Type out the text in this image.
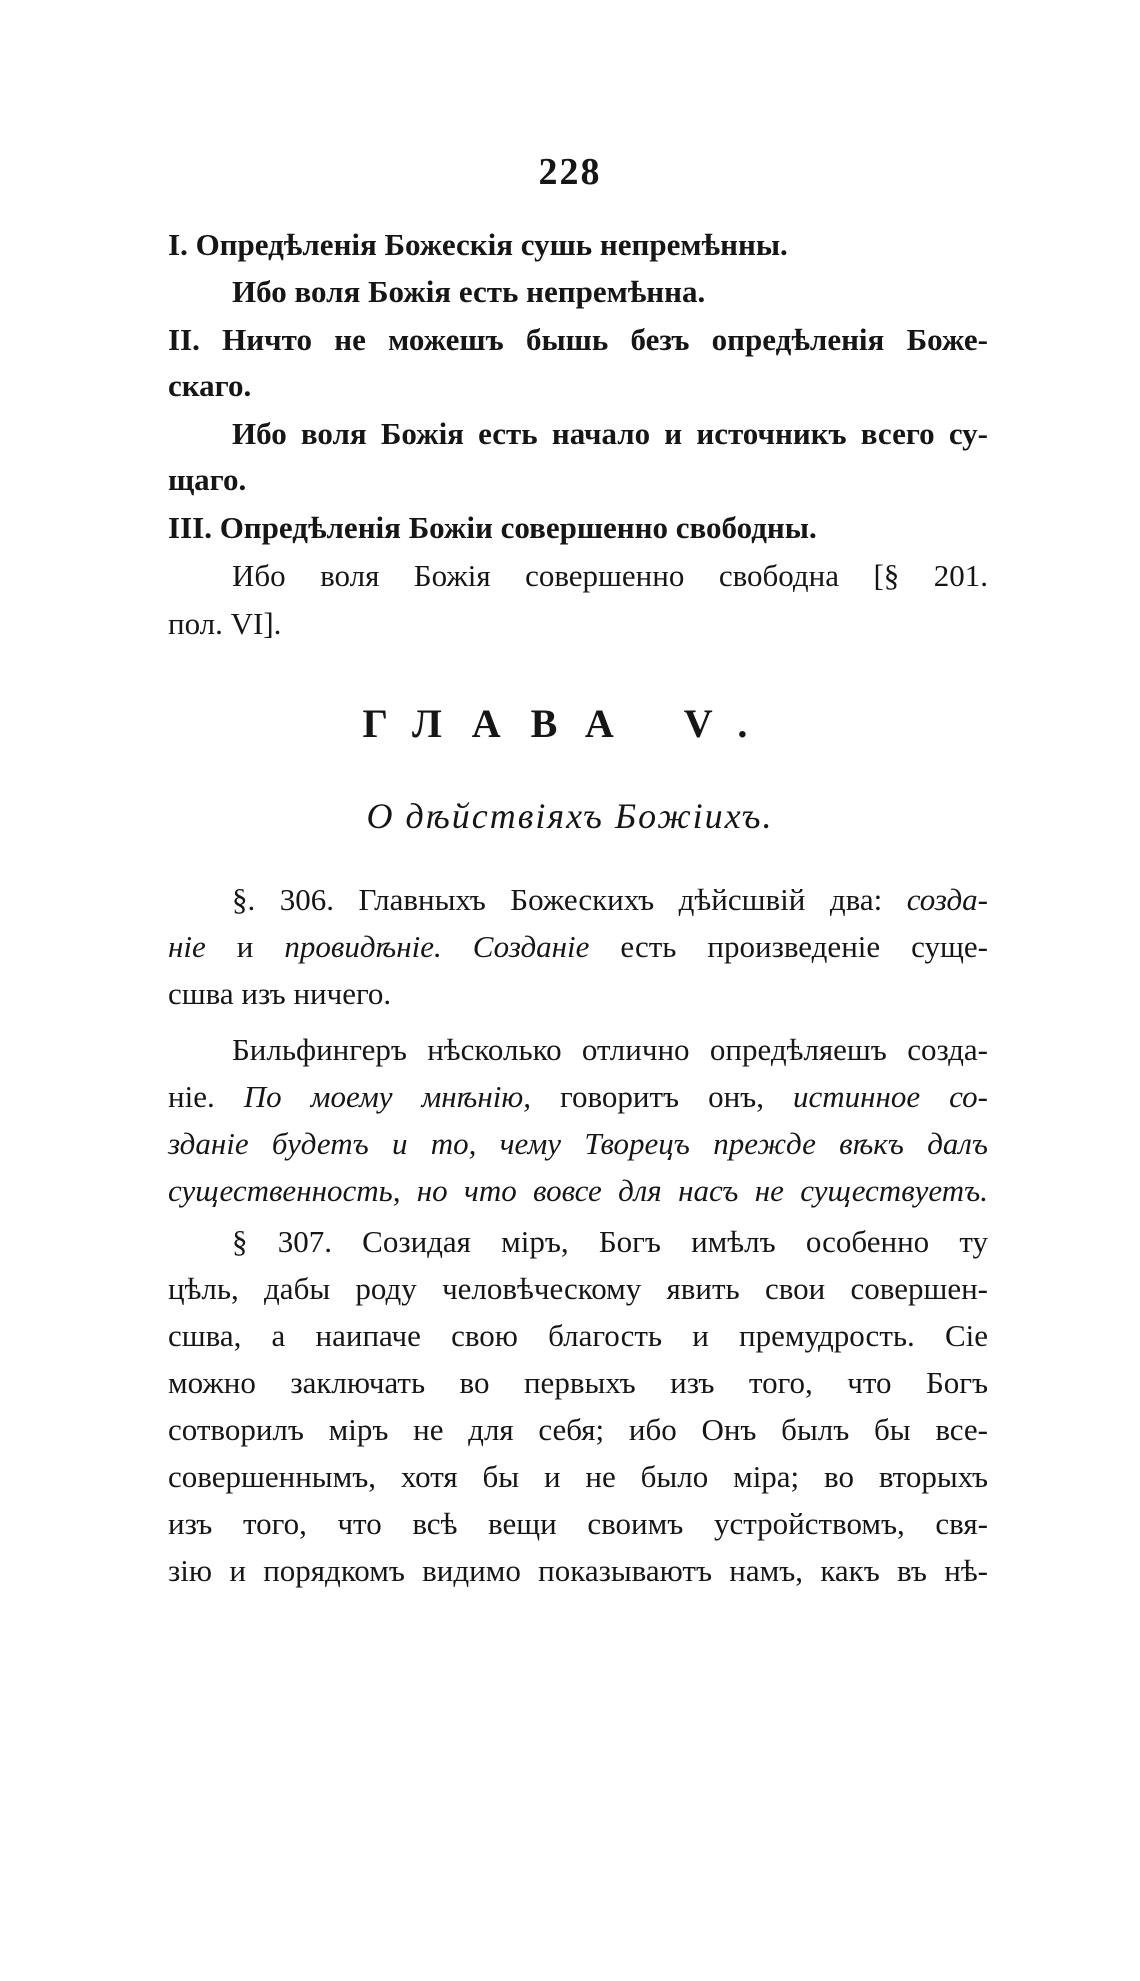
228
I. Опредѣленія Божескія сушь непремѣнны.
Ибо воля Божія есть непремѣнна.
II. Ничто не можешъ бышь безъ опредѣленія Боже-
скаго.
Ибо воля Божія есть начало и источникъ всего су-
щаго.
III. Опредѣленія Божіи совершенно свободны.
Ибо воля Божія совершенно свободна [§ 201.
пол. VI].
ГЛАВА V.
О дѣйствіяхъ Божіихъ.
§. 306. Главныхъ Божескихъ дѣйсшвій два: созда-
ніе и провидѣніе. Созданіе есть произведеніе суще-
сшва изъ ничего.
Бильфингеръ нѣсколько отлично опредѣляешъ созда-
ніе. По моему мнѣнію, говоритъ онъ, истинное со-
зданіе будетъ и то, чему Творецъ прежде вѣкъ далъ
существенность, но что вовсе для насъ не существуетъ.
§ 307. Созидая міръ, Богъ имѣлъ особенно ту
цѣль, дабы роду человѣческому явить свои совершен-
сшва, а наипаче свою благость и премудрость. Сіе
можно заключать во первыхъ изъ того, что Богъ
сотворилъ міръ не для себя; ибо Онъ былъ бы все-
совершеннымъ, хотя бы и не было міра; во вторыхъ
изъ того, что всѣ вещи своимъ устройствомъ, свя-
зію и порядкомъ видимо показываютъ намъ, какъ въ нѣ-
